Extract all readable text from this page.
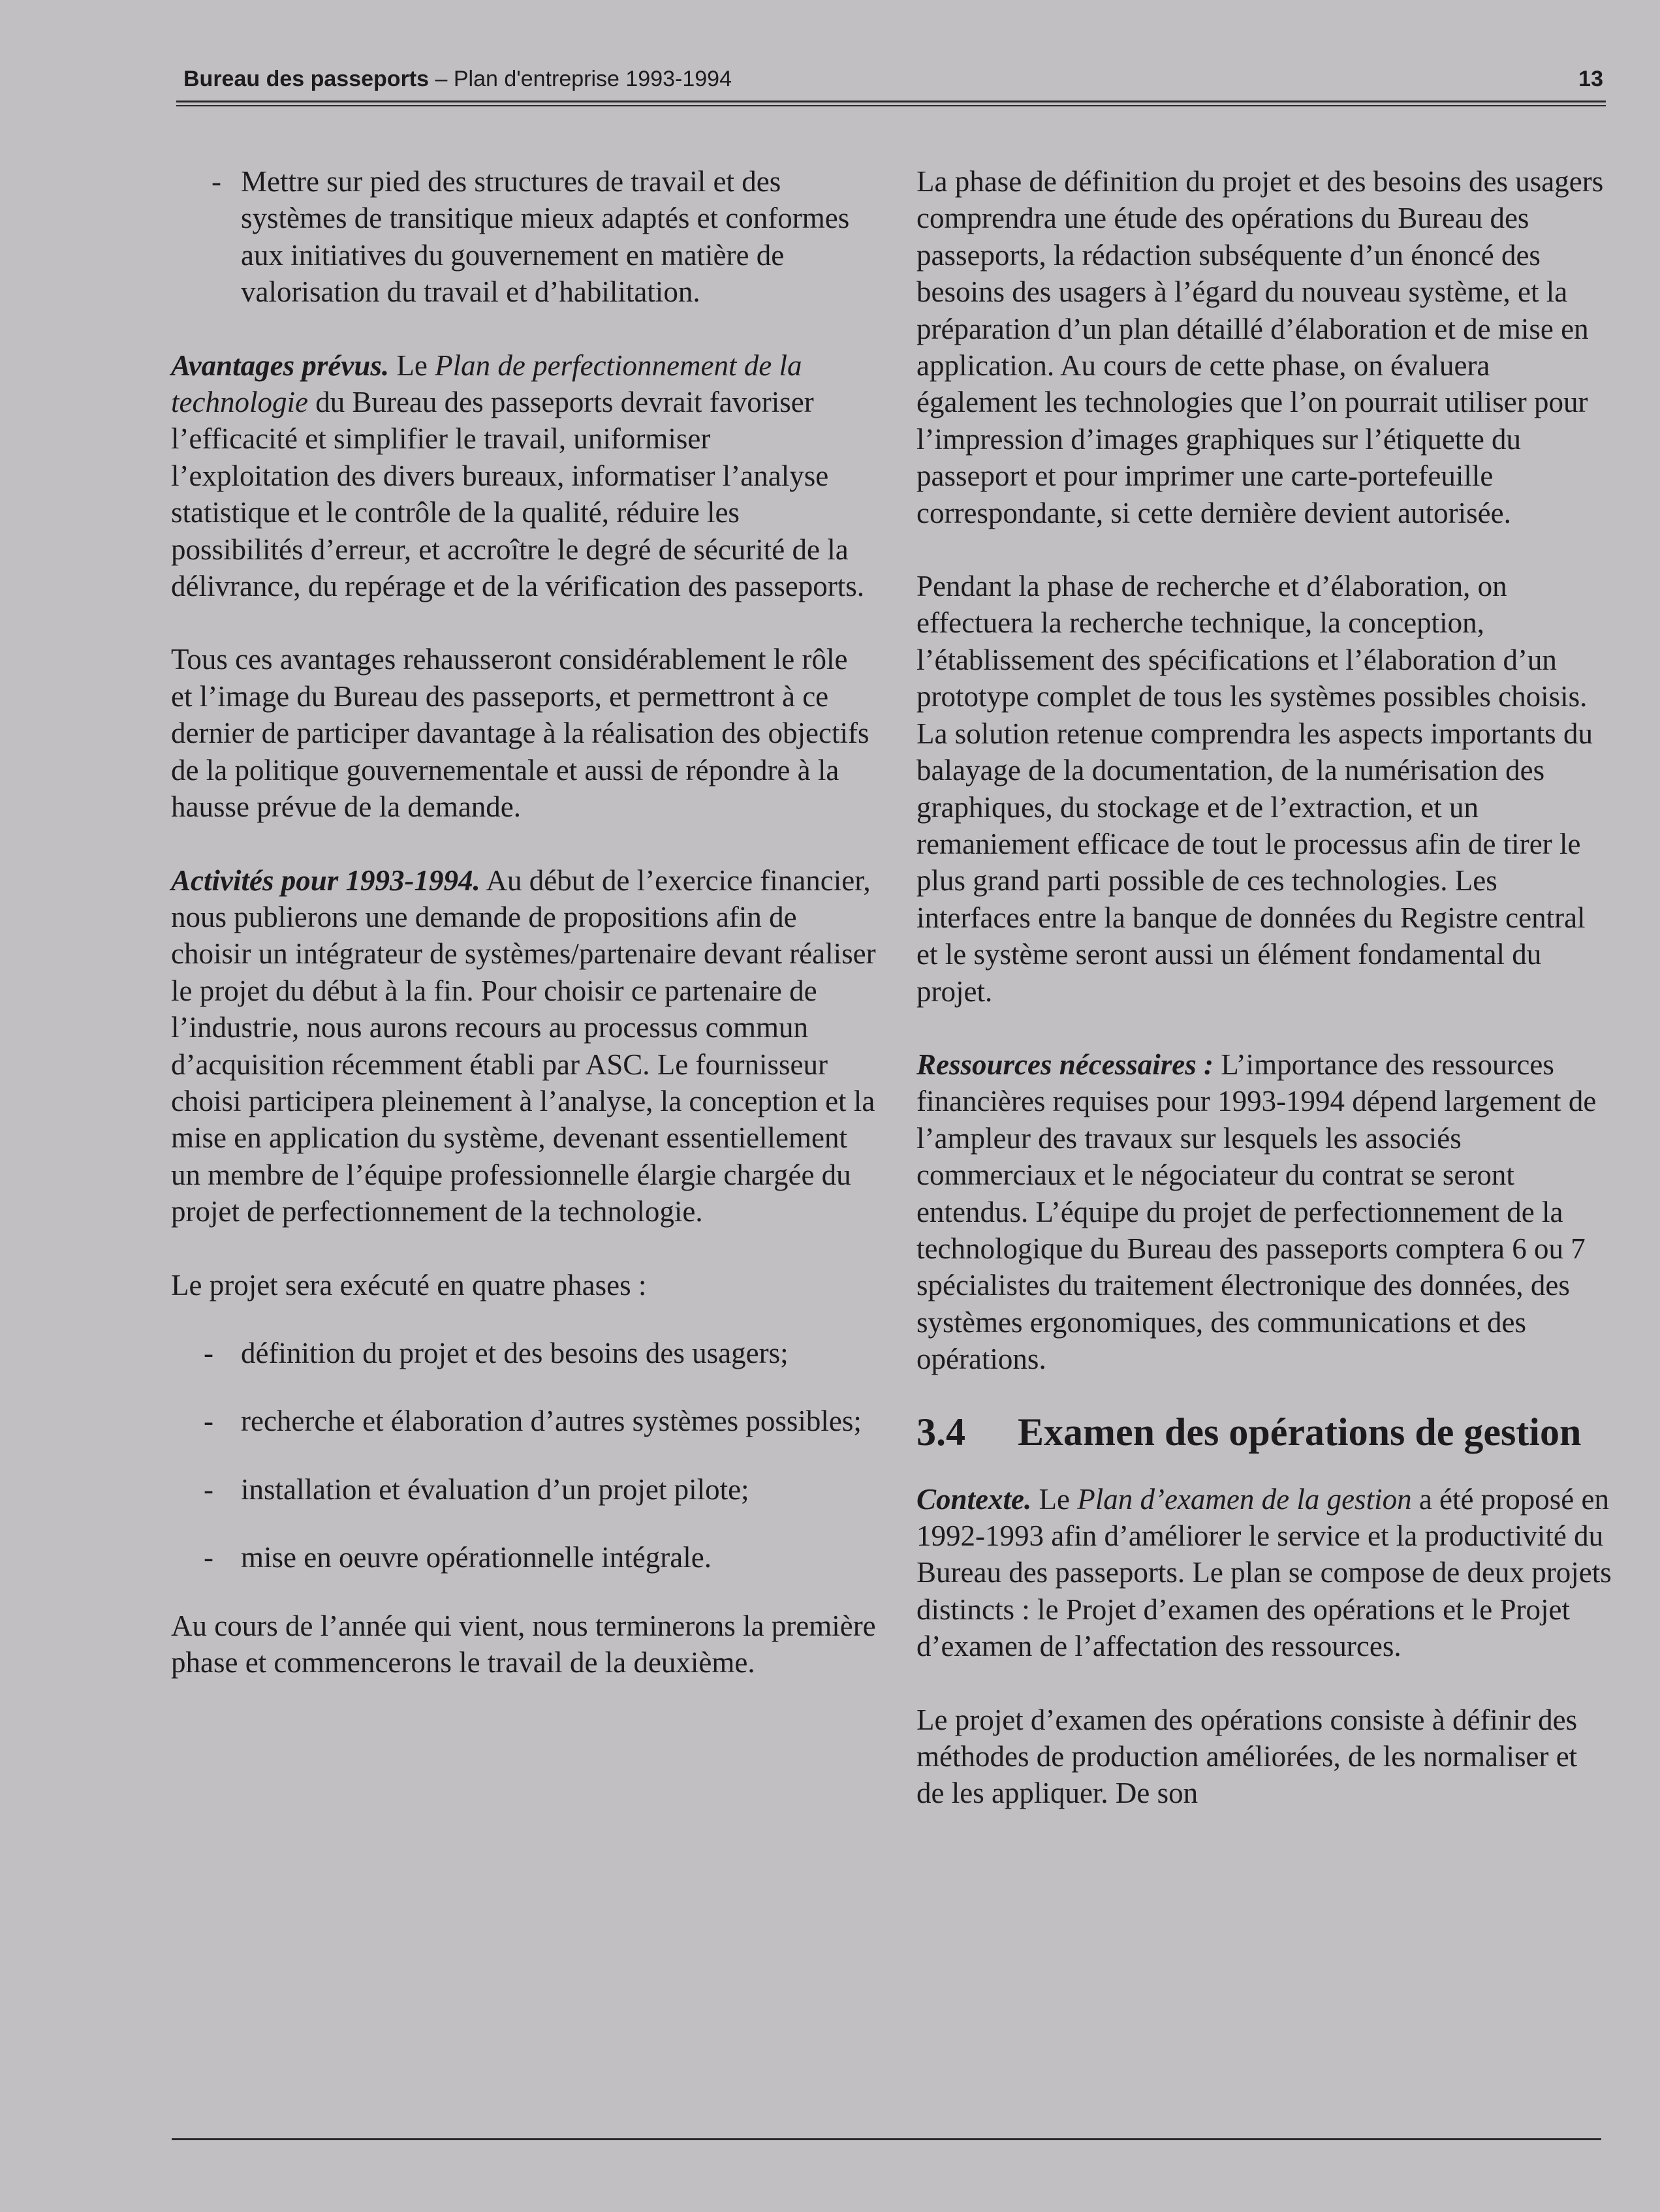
Bureau des passeports – Plan d'entreprise 1993-1994	13
- Mettre sur pied des structures de travail et des systèmes de transitique mieux adaptés et conformes aux initiatives du gouvernement en matière de valorisation du travail et d’habilitation.

Avantages prévus. Le Plan de perfectionnement de la technologie du Bureau des passeports devrait favoriser l’efficacité et simplifier le travail, uniformiser l’exploitation des divers bureaux, informatiser l’analyse statistique et le contrôle de la qualité, réduire les possibilités d’erreur, et accroître le degré de sécurité de la délivrance, du repérage et de la vérification des passeports.

Tous ces avantages rehausseront considérablement le rôle et l’image du Bureau des passeports, et permettront à ce dernier de participer davantage à la réalisation des objectifs de la politique gouvernementale et aussi de répondre à la hausse prévue de la demande.

Activités pour 1993-1994. Au début de l’exercice financier, nous publierons une demande de propositions afin de choisir un intégrateur de systèmes/partenaire devant réaliser le projet du début à la fin. Pour choisir ce partenaire de l’industrie, nous aurons recours au processus commun d’acquisition récemment établi par ASC. Le fournisseur choisi participera pleinement à l’analyse, la conception et la mise en application du système, devenant essentiellement un membre de l’équipe professionnelle élargie chargée du projet de perfectionnement de la technologie.

Le projet sera exécuté en quatre phases :

- définition du projet et des besoins des usagers;
- recherche et élaboration d’autres systèmes possibles;
- installation et évaluation d’un projet pilote;
- mise en oeuvre opérationnelle intégrale.

Au cours de l’année qui vient, nous terminerons la première phase et commencerons le travail de la deuxième.

La phase de définition du projet et des besoins des usagers comprendra une étude des opérations du Bureau des passeports, la rédaction subséquente d’un énoncé des besoins des usagers à l’égard du nouveau système, et la préparation d’un plan détaillé d’élaboration et de mise en application. Au cours de cette phase, on évaluera également les technologies que l’on pourrait utiliser pour l’impression d’images graphiques sur l’étiquette du passeport et pour imprimer une carte-portefeuille correspondante, si cette dernière devient autorisée.

Pendant la phase de recherche et d’élaboration, on effectuera la recherche technique, la conception, l’établissement des spécifications et l’élaboration d’un prototype complet de tous les systèmes possibles choisis. La solution retenue comprendra les aspects importants du balayage de la documentation, de la numérisation des graphiques, du stockage et de l’extraction, et un remaniement efficace de tout le processus afin de tirer le plus grand parti possible de ces technologies. Les interfaces entre la banque de données du Registre central et le système seront aussi un élément fondamental du projet.

Ressources nécessaires : L’importance des ressources financières requises pour 1993-1994 dépend largement de l’ampleur des travaux sur lesquels les associés commerciaux et le négociateur du contrat se seront entendus. L’équipe du projet de perfectionnement de la technologique du Bureau des passeports comptera 6 ou 7 spécialistes du traitement électronique des données, des systèmes ergonomiques, des communications et des opérations.

3.4 Examen des opérations de gestion

Contexte. Le Plan d’examen de la gestion a été proposé en 1992-1993 afin d’améliorer le service et la productivité du Bureau des passeports. Le plan se compose de deux projets distincts : le Projet d’examen des opérations et le Projet d’examen de l’affectation des ressources.

Le projet d’examen des opérations consiste à définir des méthodes de production améliorées, de les normaliser et de les appliquer. De son
